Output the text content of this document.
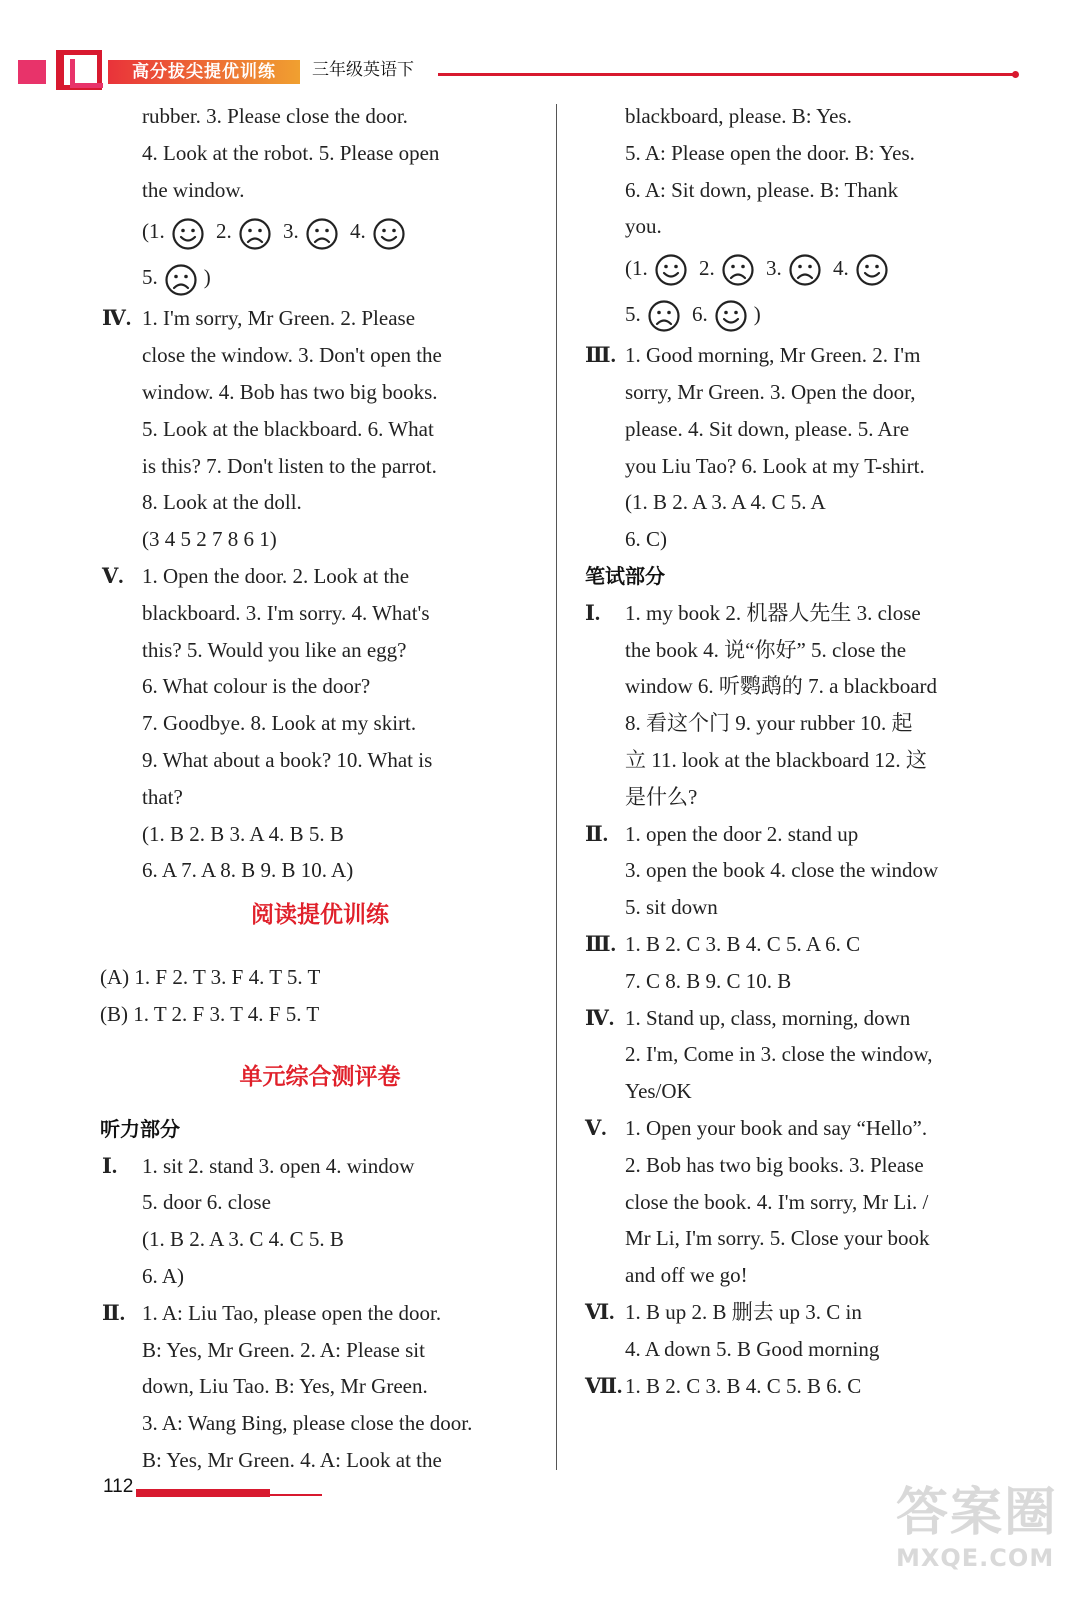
高分拔尖提优训练	三年级英语下
rubber. 3. Please close the door.
4. Look at the robot. 5. Please open
the window.
(1. 2. 3. 4.
5. )
Ⅳ. 1. I'm sorry, Mr Green. 2. Please
close the window. 3. Don't open the
window. 4. Bob has two big books.
5. Look at the blackboard. 6. What
is this? 7. Don't listen to the parrot.
8. Look at the doll.
(3 4 5 2 7 8 6 1)
Ⅴ. 1. Open the door. 2. Look at the
blackboard. 3. I'm sorry. 4. What's
this? 5. Would you like an egg?
6. What colour is the door?
7. Goodbye. 8. Look at my skirt.
9. What about a book? 10. What is
that?
(1. B 2. B 3. A 4. B 5. B
6. A 7. A 8. B 9. B 10. A)
阅读提优训练
(A) 1. F 2. T 3. F 4. T 5. T
(B) 1. T 2. F 3. T 4. F 5. T
单元综合测评卷
听力部分
Ⅰ. 1. sit 2. stand 3. open 4. window
5. door 6. close
(1. B 2. A 3. C 4. C 5. B
6. A)
Ⅱ. 1. A: Liu Tao, please open the door.
B: Yes, Mr Green. 2. A: Please sit
down, Liu Tao. B: Yes, Mr Green.
3. A: Wang Bing, please close the door.
B: Yes, Mr Green. 4. A: Look at the
blackboard, please. B: Yes.
5. A: Please open the door. B: Yes.
6. A: Sit down, please. B: Thank
you.
(1. 2. 3. 4.
5. 6. )
Ⅲ. 1. Good morning, Mr Green. 2. I'm
sorry, Mr Green. 3. Open the door,
please. 4. Sit down, please. 5. Are
you Liu Tao? 6. Look at my T-shirt.
(1. B 2. A 3. A 4. C 5. A
6. C)
笔试部分
Ⅰ. 1. my book 2. 机器人先生 3. close
the book 4. 说“你好” 5. close the
window 6. 听鹦鹉的 7. a blackboard
8. 看这个门 9. your rubber 10. 起
立 11. look at the blackboard 12. 这
是什么?
Ⅱ. 1. open the door 2. stand up
3. open the book 4. close the window
5. sit down
Ⅲ. 1. B 2. C 3. B 4. C 5. A 6. C
7. C 8. B 9. C 10. B
Ⅳ. 1. Stand up, class, morning, down
2. I'm, Come in 3. close the window,
Yes/OK
Ⅴ. 1. Open your book and say “Hello”.
2. Bob has two big books. 3. Please
close the book. 4. I'm sorry, Mr Li. /
Mr Li, I'm sorry. 5. Close your book
and off we go!
Ⅵ. 1. B up 2. B 删去 up 3. C in
4. A down 5. B Good morning
Ⅶ. 1. B 2. C 3. B 4. C 5. B 6. C
112	答案圈
MXQE.COM
